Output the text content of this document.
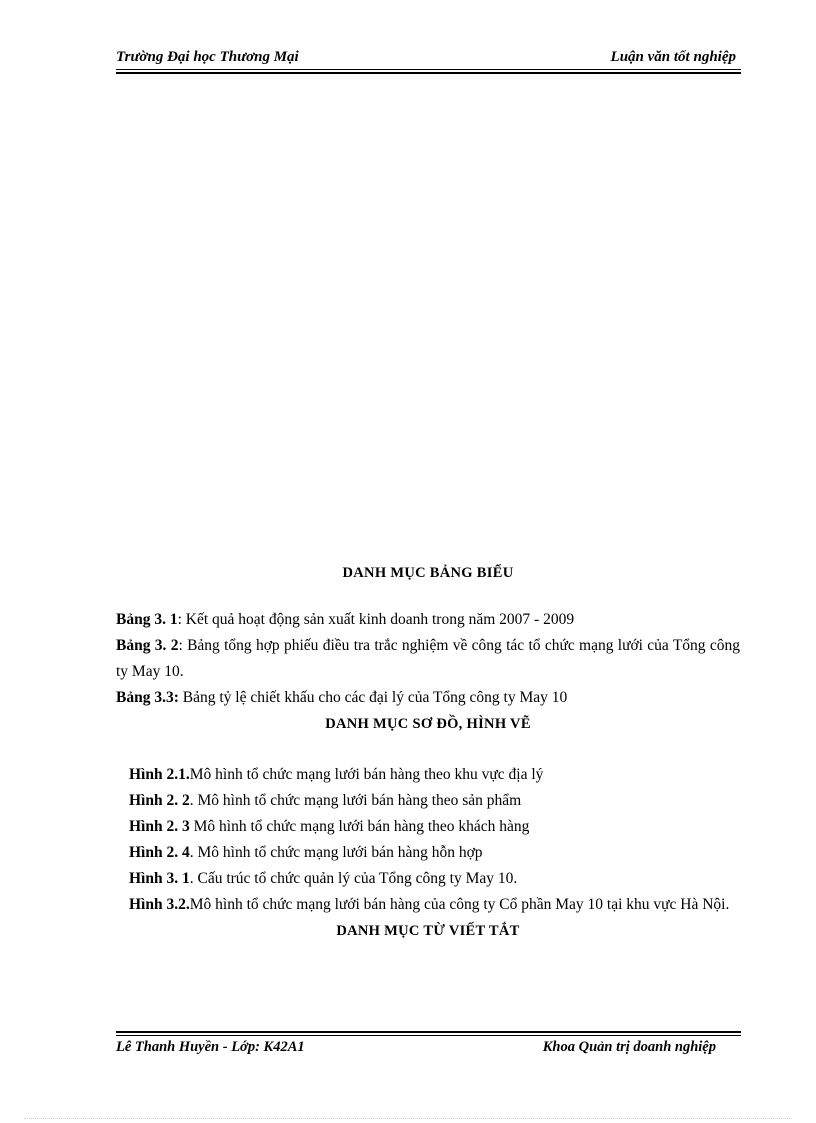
Trường Đại học Thương Mại	Luận văn tốt nghiệp
DANH MỤC BẢNG BIỂU

Bảng 3. 1: Kết quả hoạt động sản xuất kinh doanh trong năm 2007 - 2009

Bảng 3. 2: Bảng tổng hợp phiếu điều tra trắc nghiệm về công tác tổ chức mạng lưới của Tổng công ty May 10.

Bảng 3.3: Bảng tỷ lệ chiết khấu cho các đại lý của Tổng công ty May 10

DANH MỤC SƠ ĐỒ, HÌNH VẼ

Hình 2.1.Mô hình tổ chức mạng lưới bán hàng theo khu vực địa lý

Hình 2. 2. Mô hình tổ chức mạng lưới bán hàng theo sản phẩm

Hình 2. 3 Mô hình tổ chức mạng lưới bán hàng theo khách hàng

Hình 2. 4. Mô hình tổ chức mạng lưới bán hàng hỗn hợp

Hình 3. 1. Cấu trúc tổ chức quản lý của Tổng công ty May 10.

Hình 3.2.Mô hình tổ chức mạng lưới bán hàng của công ty Cổ phần May 10 tại khu vực Hà Nội.

DANH MỤC TỪ VIẾT TẮT
Lê Thanh Huyền - Lớp: K42A1	Khoa Quản trị doanh nghiệp
